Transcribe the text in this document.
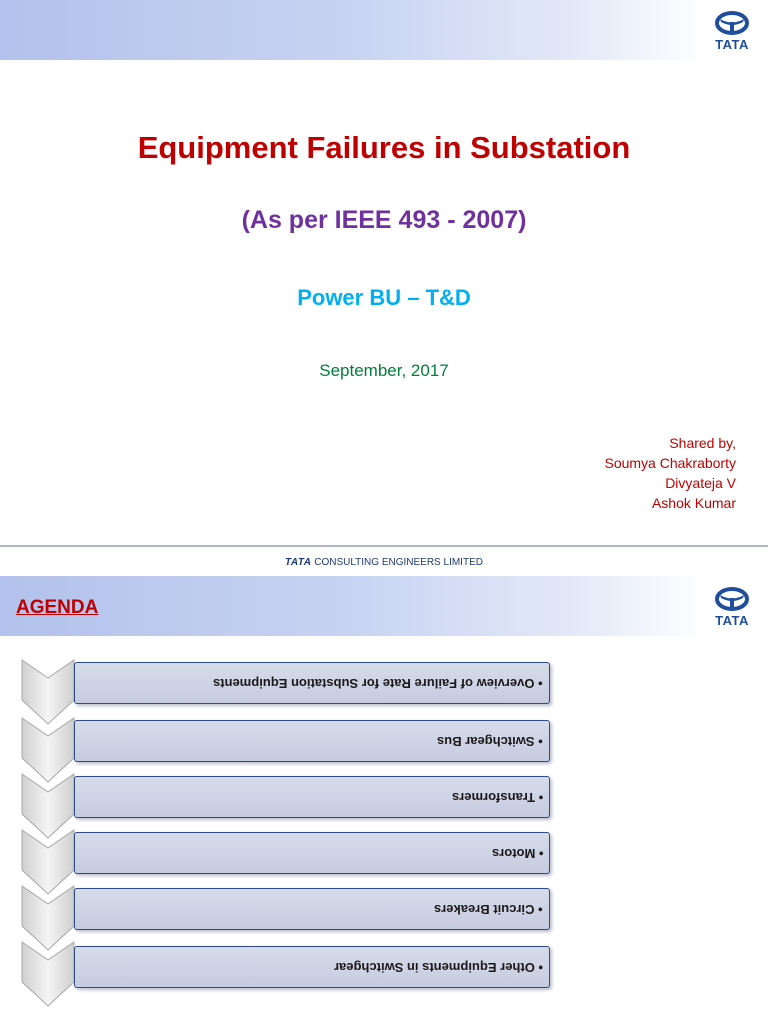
TATA
Equipment Failures in Substation
(As per IEEE 493 - 2007)
Power BU – T&D
September, 2017
Shared by,
Soumya Chakraborty
Divyateja V
Ashok Kumar
TATA CONSULTING ENGINEERS LIMITED
AGENDA
TATA
• Overview of Failure Rate for Substation Equipments
• Switchgear Bus
• Transformers
• Motors
• Circuit Breakers
• Other Equipments in Switchgear
